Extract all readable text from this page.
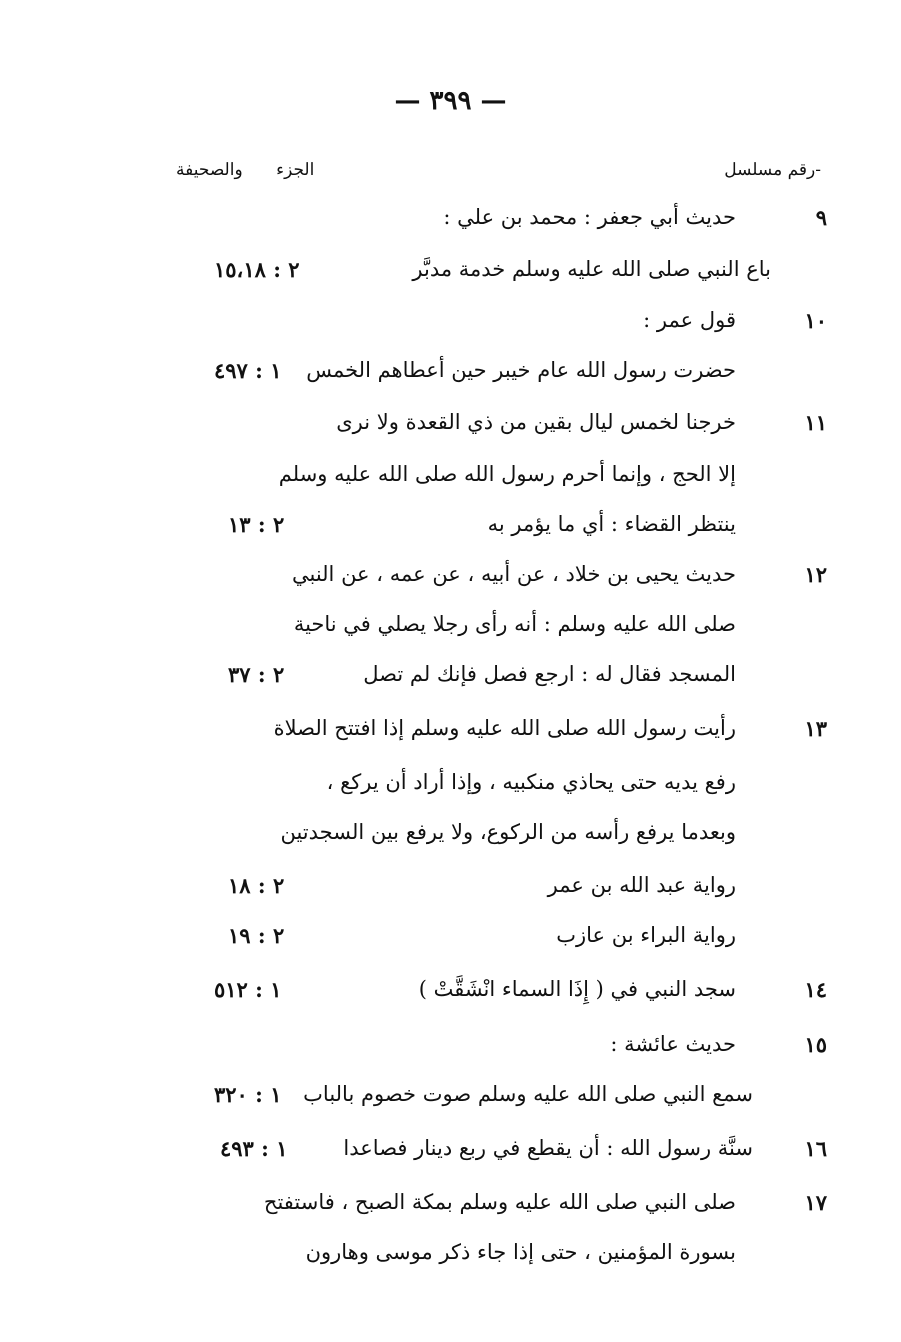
— ٣٩٩ —
-رقم مسلسل
الجزء والصحيفة
٩
حديث أبي جعفر : محمد بن علي :
باع النبي صلى الله عليه وسلم خدمة مدبَّر
٢ : ١٥،١٨
١٠
قول عمر :
حضرت رسول الله عام خيبر حين أعطاهم الخمس
١ : ٤٩٧
١١
خرجنا لخمس ليال بقين من ذي القعدة ولا نرى
إلا الحج ، وإنما أحرم رسول الله صلى الله عليه وسلم
ينتظر القضاء : أي ما يؤمر به
٢ : ١٣
١٢
حديث يحيى بن خلاد ، عن أبيه ، عن عمه ، عن النبي
صلى الله عليه وسلم : أنه رأى رجلا يصلي في ناحية
المسجد فقال له : ارجع فصل فإنك لم تصل
٢ : ٣٧
١٣
رأيت رسول الله صلى الله عليه وسلم إذا افتتح الصلاة
رفع يديه حتى يحاذي منكبيه ، وإذا أراد أن يركع ،
وبعدما يرفع رأسه من الركوع، ولا يرفع بين السجدتين
رواية عبد الله بن عمر
٢ : ١٨
رواية البراء بن عازب
٢ : ١٩
١٤
سجد النبي في ( إِذَا السماء انْشَقَّتْ )
١ : ٥١٢
١٥
حديث عائشة :
سمع النبي صلى الله عليه وسلم صوت خصوم بالباب
١ : ٣٢٠
١٦
سنَّة رسول الله : أن يقطع في ربع دينار فصاعدا
١ : ٤٩٣
١٧
صلى النبي صلى الله عليه وسلم بمكة الصبح ، فاستفتح
بسورة المؤمنين ، حتى إذا جاء ذكر موسى وهارون
